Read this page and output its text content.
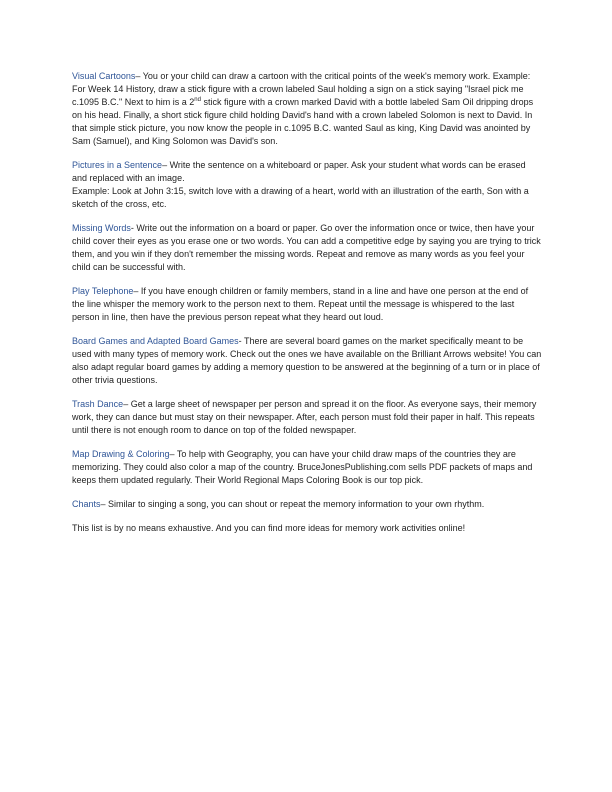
Visual Cartoons– You or your child can draw a cartoon with the critical points of the week's memory work. Example: For Week 14 History, draw a stick figure with a crown labeled Saul holding a sign on a stick saying "Israel pick me c.1095 B.C." Next to him is a 2nd stick figure with a crown marked David with a bottle labeled Sam Oil dripping drops on his head. Finally, a short stick figure child holding David's hand with a crown labeled Solomon is next to David. In that simple stick picture, you now know the people in c.1095 B.C. wanted Saul as king, King David was anointed by Sam (Samuel), and King Solomon was David's son.

Pictures in a Sentence– Write the sentence on a whiteboard or paper. Ask your student what words can be erased and replaced with an image.
Example: Look at John 3:15, switch love with a drawing of a heart, world with an illustration of the earth, Son with a sketch of the cross, etc.

Missing Words- Write out the information on a board or paper. Go over the information once or twice, then have your child cover their eyes as you erase one or two words. You can add a competitive edge by saying you are trying to trick them, and you win if they don't remember the missing words. Repeat and remove as many words as you feel your child can be successful with.

Play Telephone– If you have enough children or family members, stand in a line and have one person at the end of the line whisper the memory work to the person next to them. Repeat until the message is whispered to the last person in line, then have the previous person repeat what they heard out loud.

Board Games and Adapted Board Games- There are several board games on the market specifically meant to be used with many types of memory work. Check out the ones we have available on the Brilliant Arrows website! You can also adapt regular board games by adding a memory question to be answered at the beginning of a turn or in place of other trivia questions.

Trash Dance– Get a large sheet of newspaper per person and spread it on the floor. As everyone says, their memory work, they can dance but must stay on their newspaper. After, each person must fold their paper in half. This repeats until there is not enough room to dance on top of the folded newspaper.

Map Drawing & Coloring– To help with Geography, you can have your child draw maps of the countries they are memorizing. They could also color a map of the country. BruceJonesPublishing.com sells PDF packets of maps and keeps them updated regularly. Their World Regional Maps Coloring Book is our top pick.

Chants– Similar to singing a song, you can shout or repeat the memory information to your own rhythm.

This list is by no means exhaustive. And you can find more ideas for memory work activities online!
